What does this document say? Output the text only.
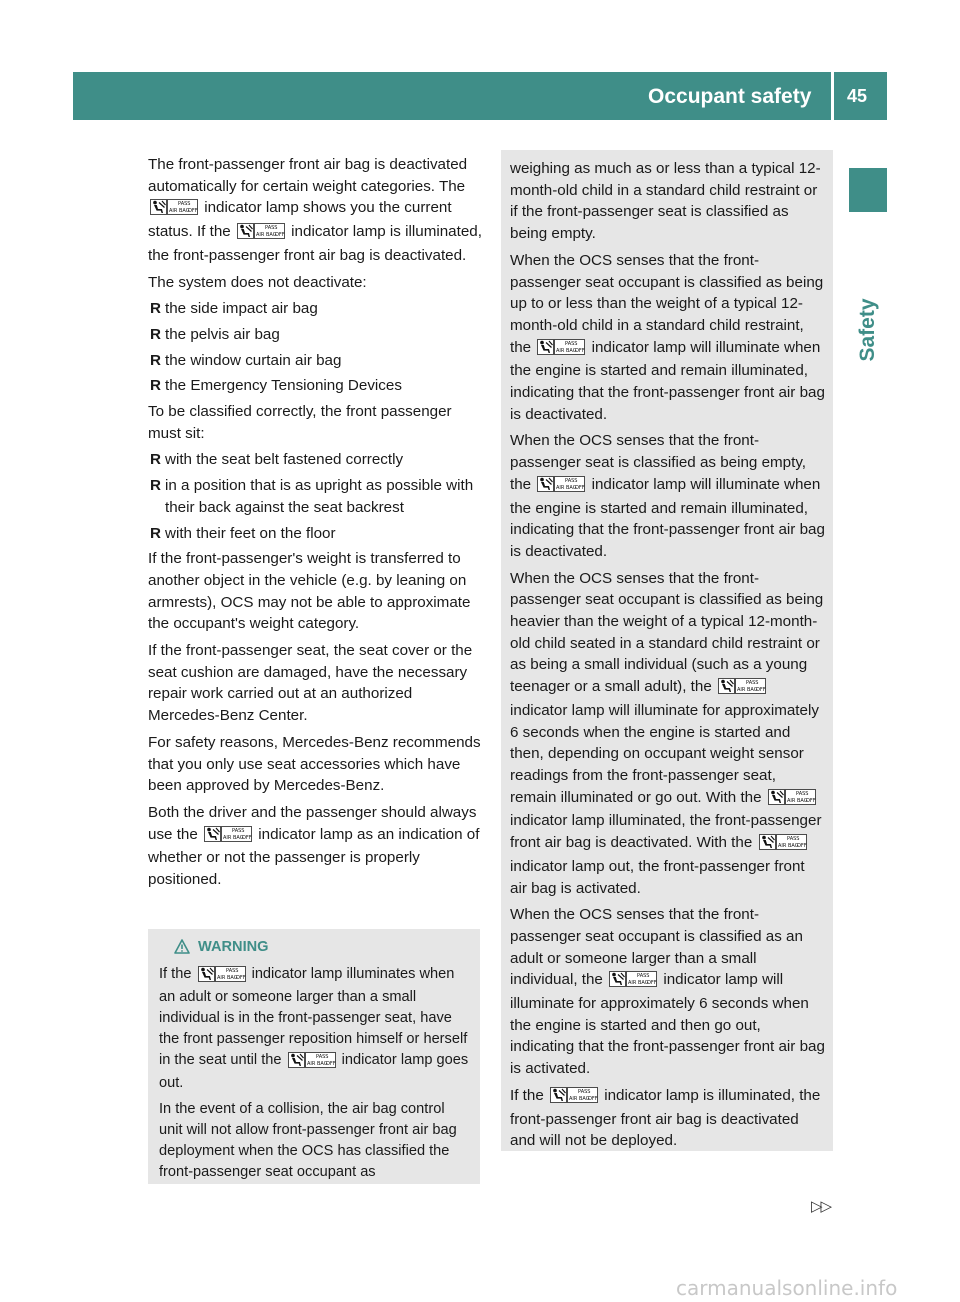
Occupant safety 45
Safety

The front-passenger front air bag is deactivated automatically for certain weight categories. The
PASS
AIR BAG
OFF indicator lamp shows you the current status. If the	PASS
AIR BAG
OFF indicator lamp is illuminated, the front-passenger front air bag is deactivated.

The system does not deactivate:

R the side impact air bag
R the pelvis air bag
R the window curtain air bag
R the Emergency Tensioning Devices

To be classified correctly, the front passenger must sit:

R with the seat belt fastened correctly
R in a position that is as upright as possible with their back against the seat backrest
R with their feet on the floor

If the front-passenger's weight is transferred to another object in the vehicle (e.g. by leaning on armrests), OCS may not be able to approximate the occupant's weight category.

If the front-passenger seat, the seat cover or the seat cushion are damaged, have the necessary repair work carried out at an authorized Mercedes-Benz Center.

For safety reasons, Mercedes-Benz recommends that you only use seat accessories which have been approved by Mercedes-Benz.

Both the driver and the passenger should always use the	PASS
AIR BAG
OFF indicator lamp as an indication of whether or not the passenger is properly positioned.

WARNING

If the	PASS
AIR BAG
OFF indicator lamp illuminates when an adult or someone larger than a small individual is in the front-passenger seat, have the front passenger reposition himself or herself in the seat until the	PASS
AIR BAG
OFF indicator lamp goes out.

In the event of a collision, the air bag control unit will not allow front-passenger front air bag deployment when the OCS has classified the front-passenger seat occupant as

weighing as much as or less than a typical 12-month-old child in a standard child restraint or if the front-passenger seat is classified as being empty.

When the OCS senses that the front-passenger seat occupant is classified as being up to or less than the weight of a typical 12-month-old child in a standard child restraint, the	PASS
AIR BAG
OFF indicator lamp will illuminate when the engine is started and remain illuminated, indicating that the front-passenger front air bag is deactivated.

When the OCS senses that the front-passenger seat is classified as being empty, the	PASS
AIR BAG
OFF indicator lamp will illuminate when the engine is started and remain illuminated, indicating that the front-passenger front air bag is deactivated.

When the OCS senses that the front-passenger seat occupant is classified as being heavier than the weight of a typical 12-month-old child seated in a standard child restraint or as being a small individual (such as a young teenager or a small adult), the	PASS
AIR BAG
OFF
indicator lamp will illuminate for approximately 6 seconds when the engine is started and then, depending on occupant weight sensor readings from the front-passenger seat, remain illuminated or go out. With the	PASS
AIR BAG
OFF
indicator lamp illuminated, the front-passenger front air bag is deactivated. With the	PASS
AIR BAG
OFF
indicator lamp out, the front-passenger front air bag is activated.

When the OCS senses that the front-passenger seat occupant is classified as an adult or someone larger than a small individual, the	PASS
AIR BAG
OFF indicator lamp will illuminate for approximately 6 seconds when the engine is started and then go out, indicating that the front-passenger front air bag is activated.

If the	PASS
AIR BAG
OFF indicator lamp is illuminated, the front-passenger front air bag is deactivated and will not be deployed.

▷▷
carmanualsonline.info
